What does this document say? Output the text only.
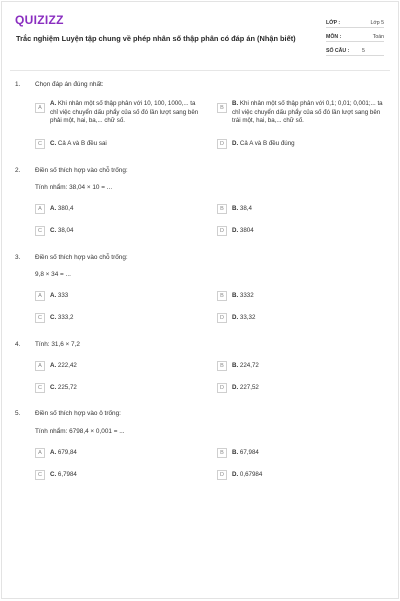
QUIZIZZ
Trắc nghiệm Luyện tập chung về phép nhân số thập phân có đáp án (Nhận biết)
LỚP :	Lớp 5
MÔN :	Toán
SỐ CÂU : 5
1. Chọn đáp án đúng nhất:
A
A. Khi nhân một số thập phân với 10, 100, 1000,... ta chỉ việc chuyển dấu phẩy của số đó lần lượt sang bên phải một, hai, ba,... chữ số.
B
B. Khi nhân một số thập phân với 0,1; 0,01; 0,001;... ta chỉ việc chuyển dấu phẩy của số đó lần lượt sang bên trái một, hai, ba,... chữ số.
C	C. Cả A và B đều sai	D	D. Cả A và B đều đúng
2. Điền số thích hợp vào chỗ trống:
Tính nhẩm: 38,04 × 10 = ...
A	A. 380,4	B	B. 38,4
C	C. 38,04	D	D. 3804
3. Điền số thích hợp vào chỗ trống:
9,8 × 34 = ...
A	A. 333	B	B. 3332
C	C. 333,2	D	D. 33,32
4. Tính: 31,6 × 7,2
A	A. 222,42	B	B. 224,72
C	C. 225,72	D	D. 227,52
5. Điền số thích hợp vào ô trống:
Tính nhẩm: 6798,4 × 0,001 = ...
A	A. 679,84	B	B. 67,984
C	C. 6,7984	D	D. 0,67984
